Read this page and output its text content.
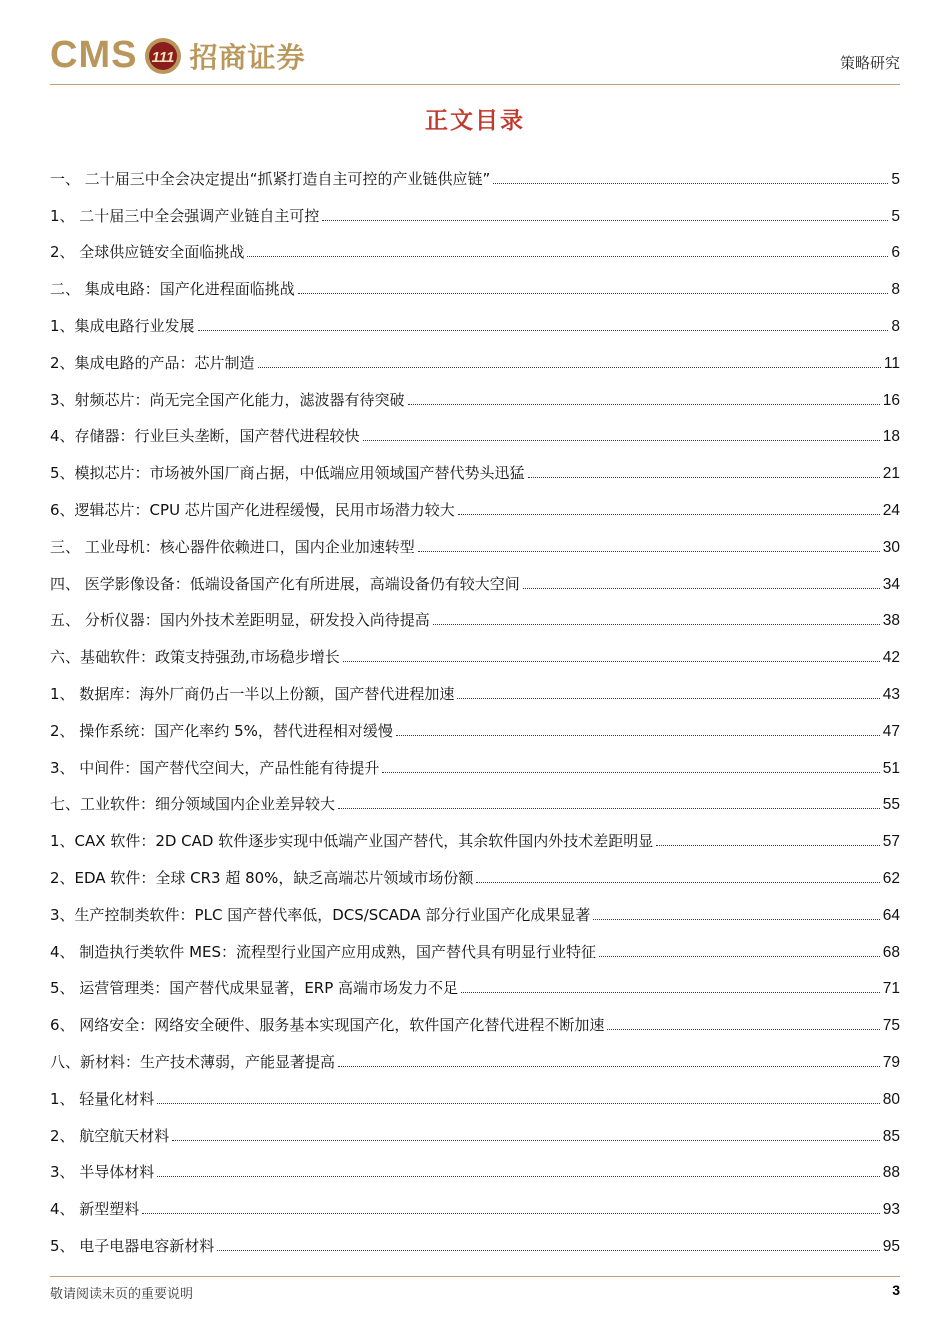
CMS 111 招商证券	策略研究
正文目录
一、 二十届三中全会决定提出“抓紧打造自主可控的产业链供应链”	5
1、 二十届三中全会强调产业链自主可控	5
2、 全球供应链安全面临挑战	6
二、 集成电路：国产化进程面临挑战	8
1、集成电路行业发展	8
2、集成电路的产品：芯片制造	11
3、射频芯片：尚无完全国产化能力，滤波器有待突破	16
4、存储器：行业巨头垄断，国产替代进程较快	18
5、模拟芯片：市场被外国厂商占据，中低端应用领域国产替代势头迅猛	21
6、逻辑芯片：CPU 芯片国产化进程缓慢，民用市场潜力较大	24
三、 工业母机：核心器件依赖进口，国内企业加速转型	30
四、 医学影像设备：低端设备国产化有所进展，高端设备仍有较大空间	34
五、 分析仪器：国内外技术差距明显，研发投入尚待提高	38
六、基础软件：政策支持强劲,市场稳步增长	42
1、 数据库：海外厂商仍占一半以上份额，国产替代进程加速	43
2、 操作系统：国产化率约 5%，替代进程相对缓慢	47
3、 中间件：国产替代空间大，产品性能有待提升	51
七、工业软件：细分领域国内企业差异较大	55
1、CAX 软件：2D CAD 软件逐步实现中低端产业国产替代，其余软件国内外技术差距明显	57
2、EDA 软件：全球 CR3 超 80%，缺乏高端芯片领域市场份额	62
3、生产控制类软件：PLC 国产替代率低，DCS/SCADA 部分行业国产化成果显著	64
4、 制造执行类软件 MES：流程型行业国产应用成熟，国产替代具有明显行业特征	68
5、 运营管理类：国产替代成果显著，ERP 高端市场发力不足	71
6、 网络安全：网络安全硬件、服务基本实现国产化，软件国产化替代进程不断加速	75
八、新材料：生产技术薄弱，产能显著提高	79
1、 轻量化材料	80
2、 航空航天材料	85
3、 半导体材料	88
4、 新型塑料	93
5、 电子电器电容新材料	95
敬请阅读末页的重要说明	3
